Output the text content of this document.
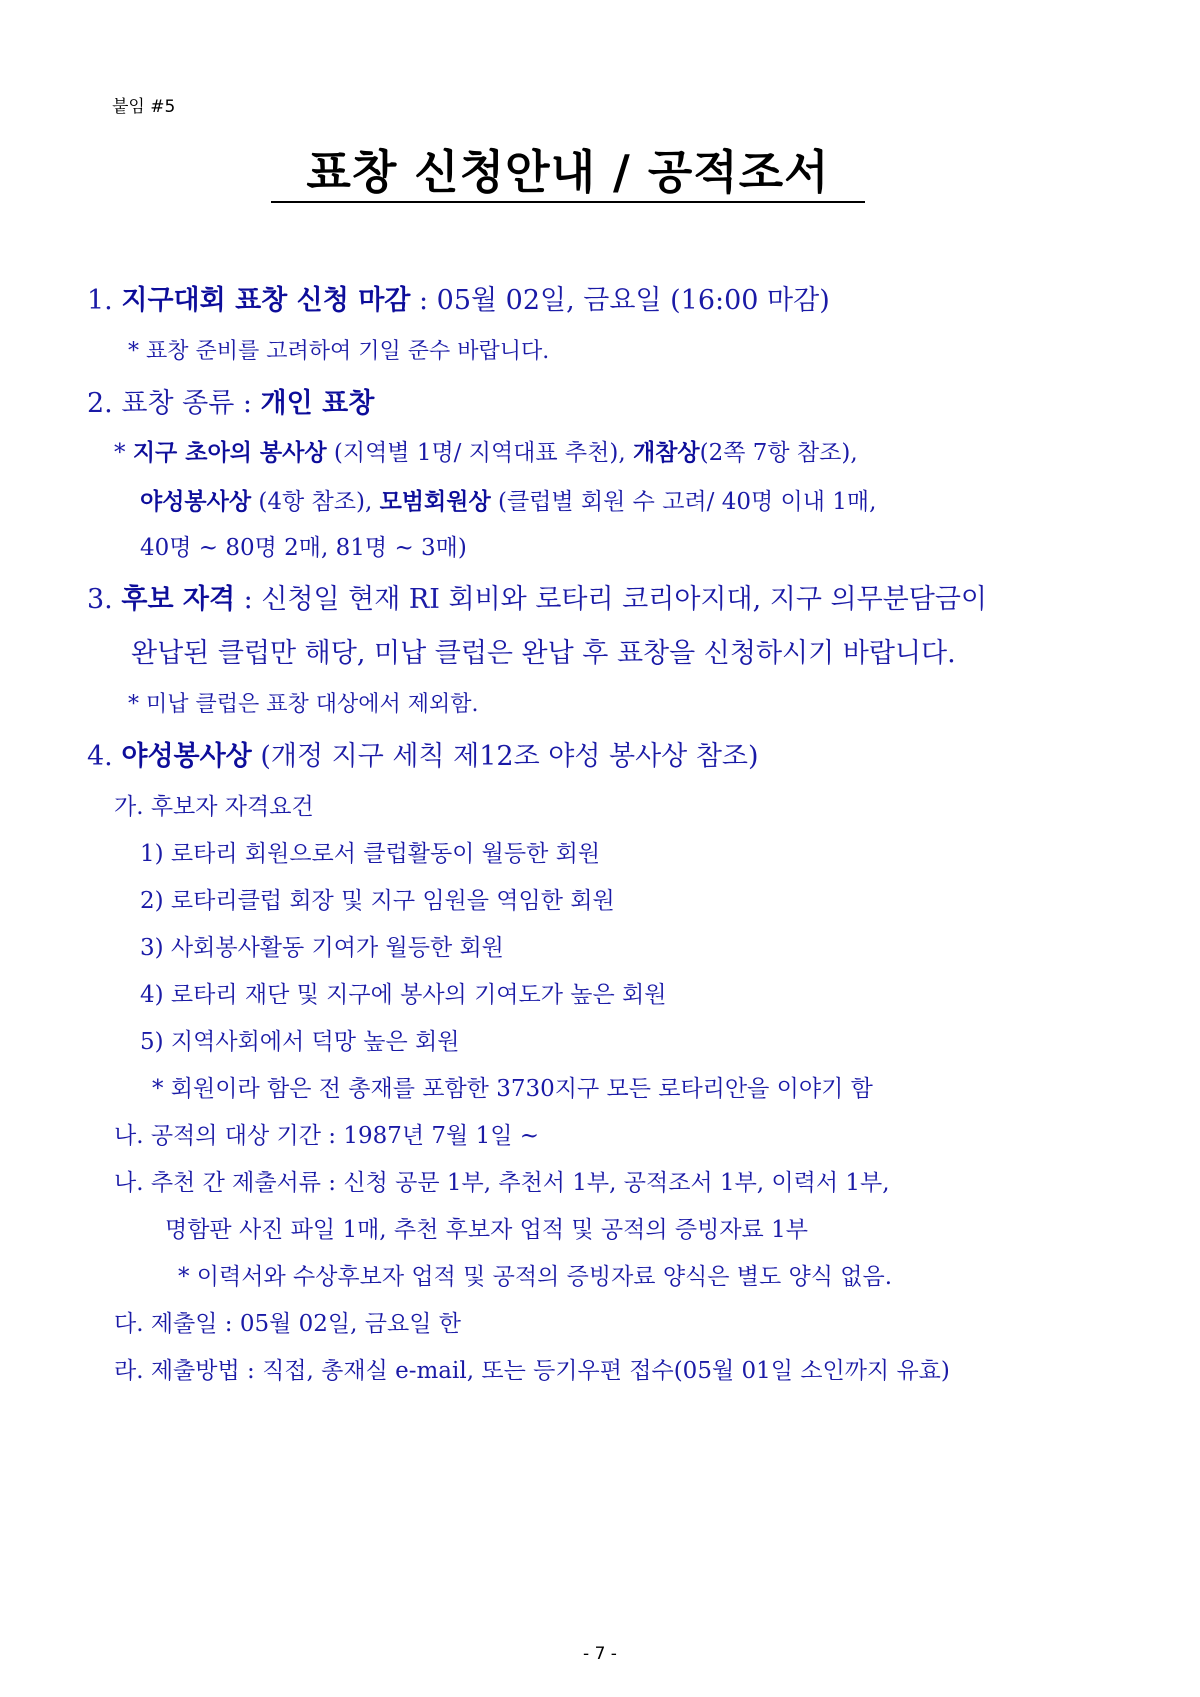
붙임 #5
표창 신청안내 / 공적조서
1. 지구대회 표창 신청 마감 : 05월 02일, 금요일 (16:00 마감)
* 표창 준비를 고려하여 기일 준수 바랍니다.
2. 표창 종류 : 개인 표창
* 지구 초아의 봉사상 (지역별 1명/ 지역대표 추천), 개참상(2쪽 7항 참조),
야성봉사상 (4항 참조), 모범회원상 (클럽별 회원 수 고려/ 40명 이내 1매,
40명 ~ 80명 2매, 81명 ~ 3매)
3. 후보 자격 : 신청일 현재 RI 회비와 로타리 코리아지대, 지구 의무분담금이
완납된 클럽만 해당, 미납 클럽은 완납 후 표창을 신청하시기 바랍니다.
* 미납 클럽은 표창 대상에서 제외함.
4. 야성봉사상 (개정 지구 세칙 제12조 야성 봉사상 참조)
가. 후보자 자격요건
1) 로타리 회원으로서 클럽활동이 월등한 회원
2) 로타리클럽 회장 및 지구 임원을 역임한 회원
3) 사회봉사활동 기여가 월등한 회원
4) 로타리 재단 및 지구에 봉사의 기여도가 높은 회원
5) 지역사회에서 덕망 높은 회원
* 회원이라 함은 전 총재를 포함한 3730지구 모든 로타리안을 이야기 함
나. 공적의 대상 기간 : 1987년 7월 1일 ~
나. 추천 간 제출서류 : 신청 공문 1부, 추천서 1부, 공적조서 1부, 이력서 1부,
명함판 사진 파일 1매, 추천 후보자 업적 및 공적의 증빙자료 1부
* 이력서와 수상후보자 업적 및 공적의 증빙자료 양식은 별도 양식 없음.
다. 제출일 : 05월 02일, 금요일 한
라. 제출방법 : 직접, 총재실 e-mail, 또는 등기우편 접수(05월 01일 소인까지 유효)
- 7 -
